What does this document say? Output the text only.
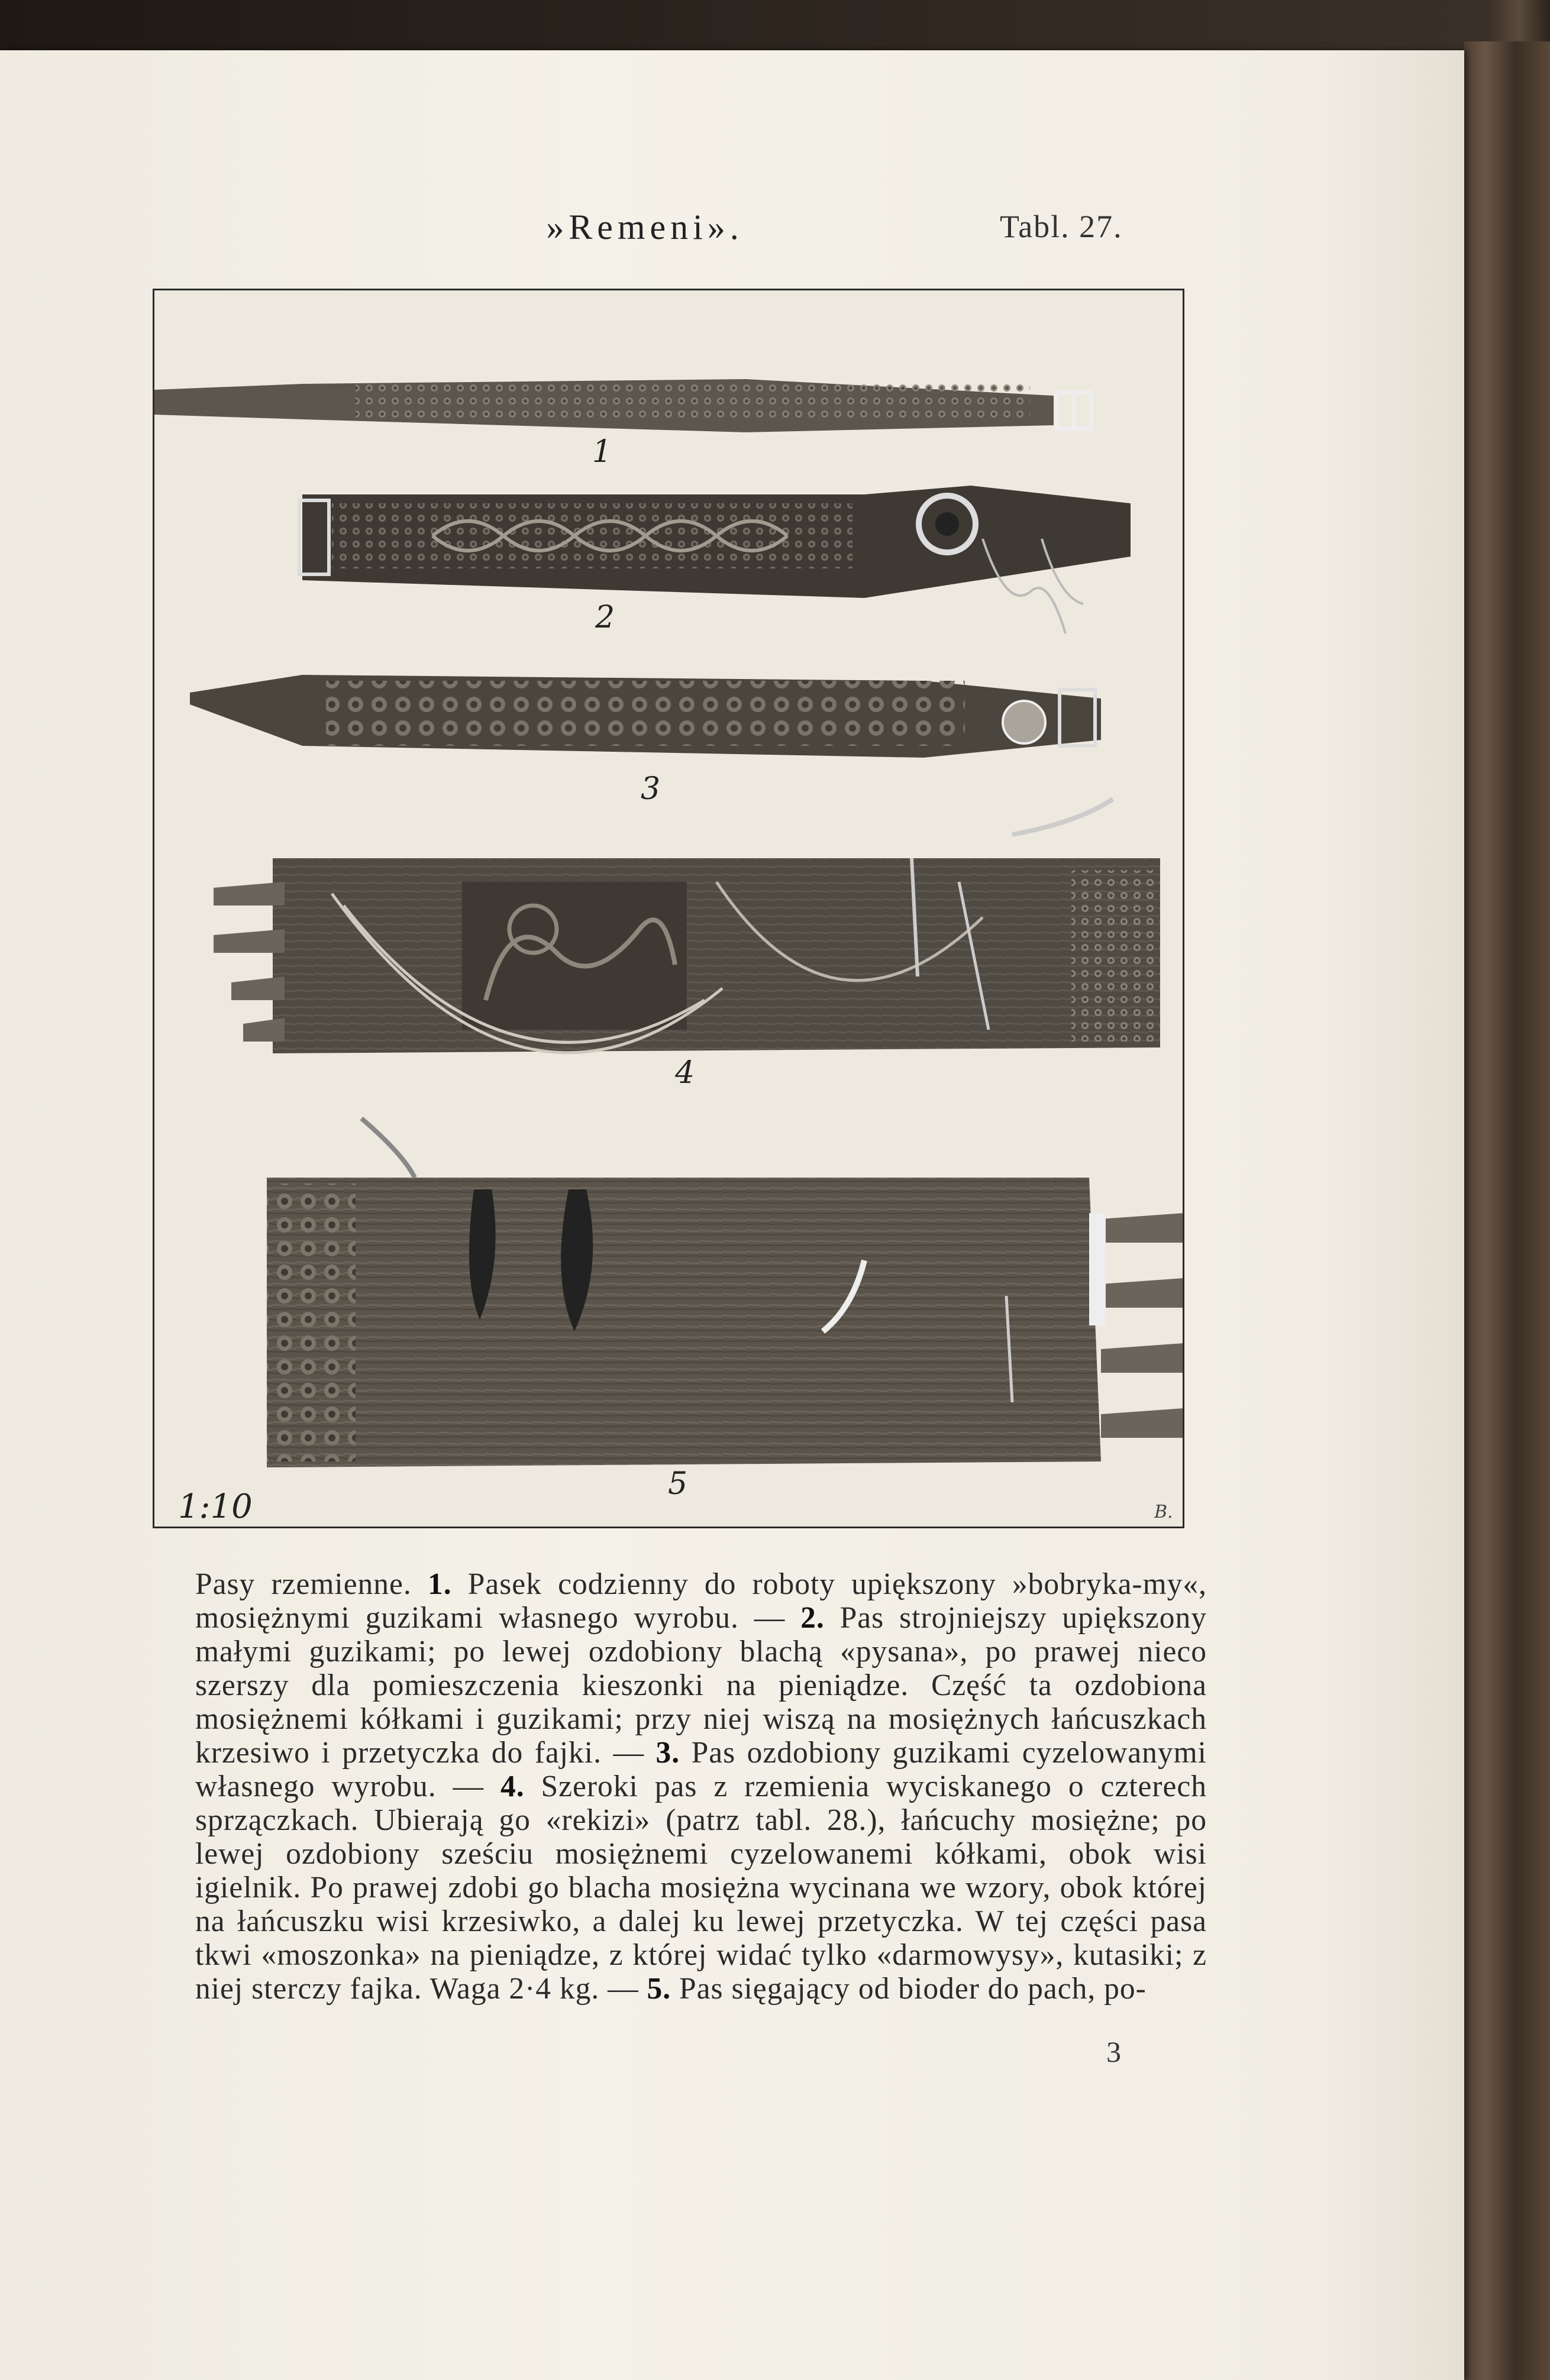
»Remeni».	Tabl. 27.
1
2
3
4
5
1:10	B.
Pasy rzemienne. 1. Pasek codzienny do roboty upiększony »bobryka-my«, mosiężnymi guzikami własnego wyrobu. — 2. Pas strojniejszy upiększony małymi guzikami; po lewej ozdobiony blachą «pysana», po prawej nieco szerszy dla pomieszczenia kieszonki na pieniądze. Część ta ozdobiona mosiężnemi kółkami i guzikami; przy niej wiszą na mosiężnych łańcuszkach krzesiwo i przetyczka do fajki. — 3. Pas ozdobiony guzikami cyzelowanymi własnego wyrobu. — 4. Szeroki pas z rzemienia wyciskanego o czterech sprzączkach. Ubierają go «rekizi» (patrz tabl. 28.), łańcuchy mosiężne; po lewej ozdobiony sześciu mosiężnemi cyzelowanemi kółkami, obok wisi igielnik. Po prawej zdobi go blacha mosiężna wycinana we wzory, obok której na łańcuszku wisi krzesiwko, a dalej ku lewej przetyczka. W tej części pasa tkwi «moszonka» na pieniądze, z której widać tylko «darmowysy», kutasiki; z niej sterczy fajka. Waga 2·4 kg. — 5. Pas sięgający od bioder do pach, po-
3
